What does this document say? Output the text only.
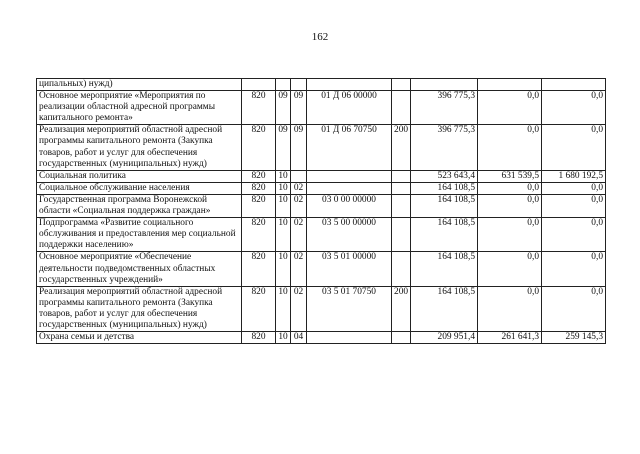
162
ципальных) нужд)								
Основное мероприятие «Мероприятия по реализации областной адресной программы капитального ремонта»	820	09	09	01 Д 06 00000		396 775,3	0,0	0,0
Реализация мероприятий областной адресной программы капитального ремонта (Закупка товаров, работ и услуг для обеспечения государственных (муниципальных) нужд)	820	09	09	01 Д 06 70750	200	396 775,3	0,0	0,0
Социальная политика	820	10				523 643,4	631 539,5	1 680 192,5
Социальное обслуживание населения	820	10	02			164 108,5	0,0	0,0
Государственная программа Воронежской области «Социальная поддержка граждан»	820	10	02	03 0 00 00000		164 108,5	0,0	0,0
Подпрограмма «Развитие социального обслуживания и предоставления мер социальной поддержки населению»	820	10	02	03 5 00 00000		164 108,5	0,0	0,0
Основное мероприятие «Обеспечение деятельности подведомственных областных государственных учреждений»	820	10	02	03 5 01 00000		164 108,5	0,0	0,0
Реализация мероприятий областной адресной программы капитального ремонта (Закупка товаров, работ и услуг для обеспечения государственных (муниципальных) нужд)	820	10	02	03 5 01 70750	200	164 108,5	0,0	0,0
Охрана семьи и детства	820	10	04			209 951,4	261 641,3	259 145,3
